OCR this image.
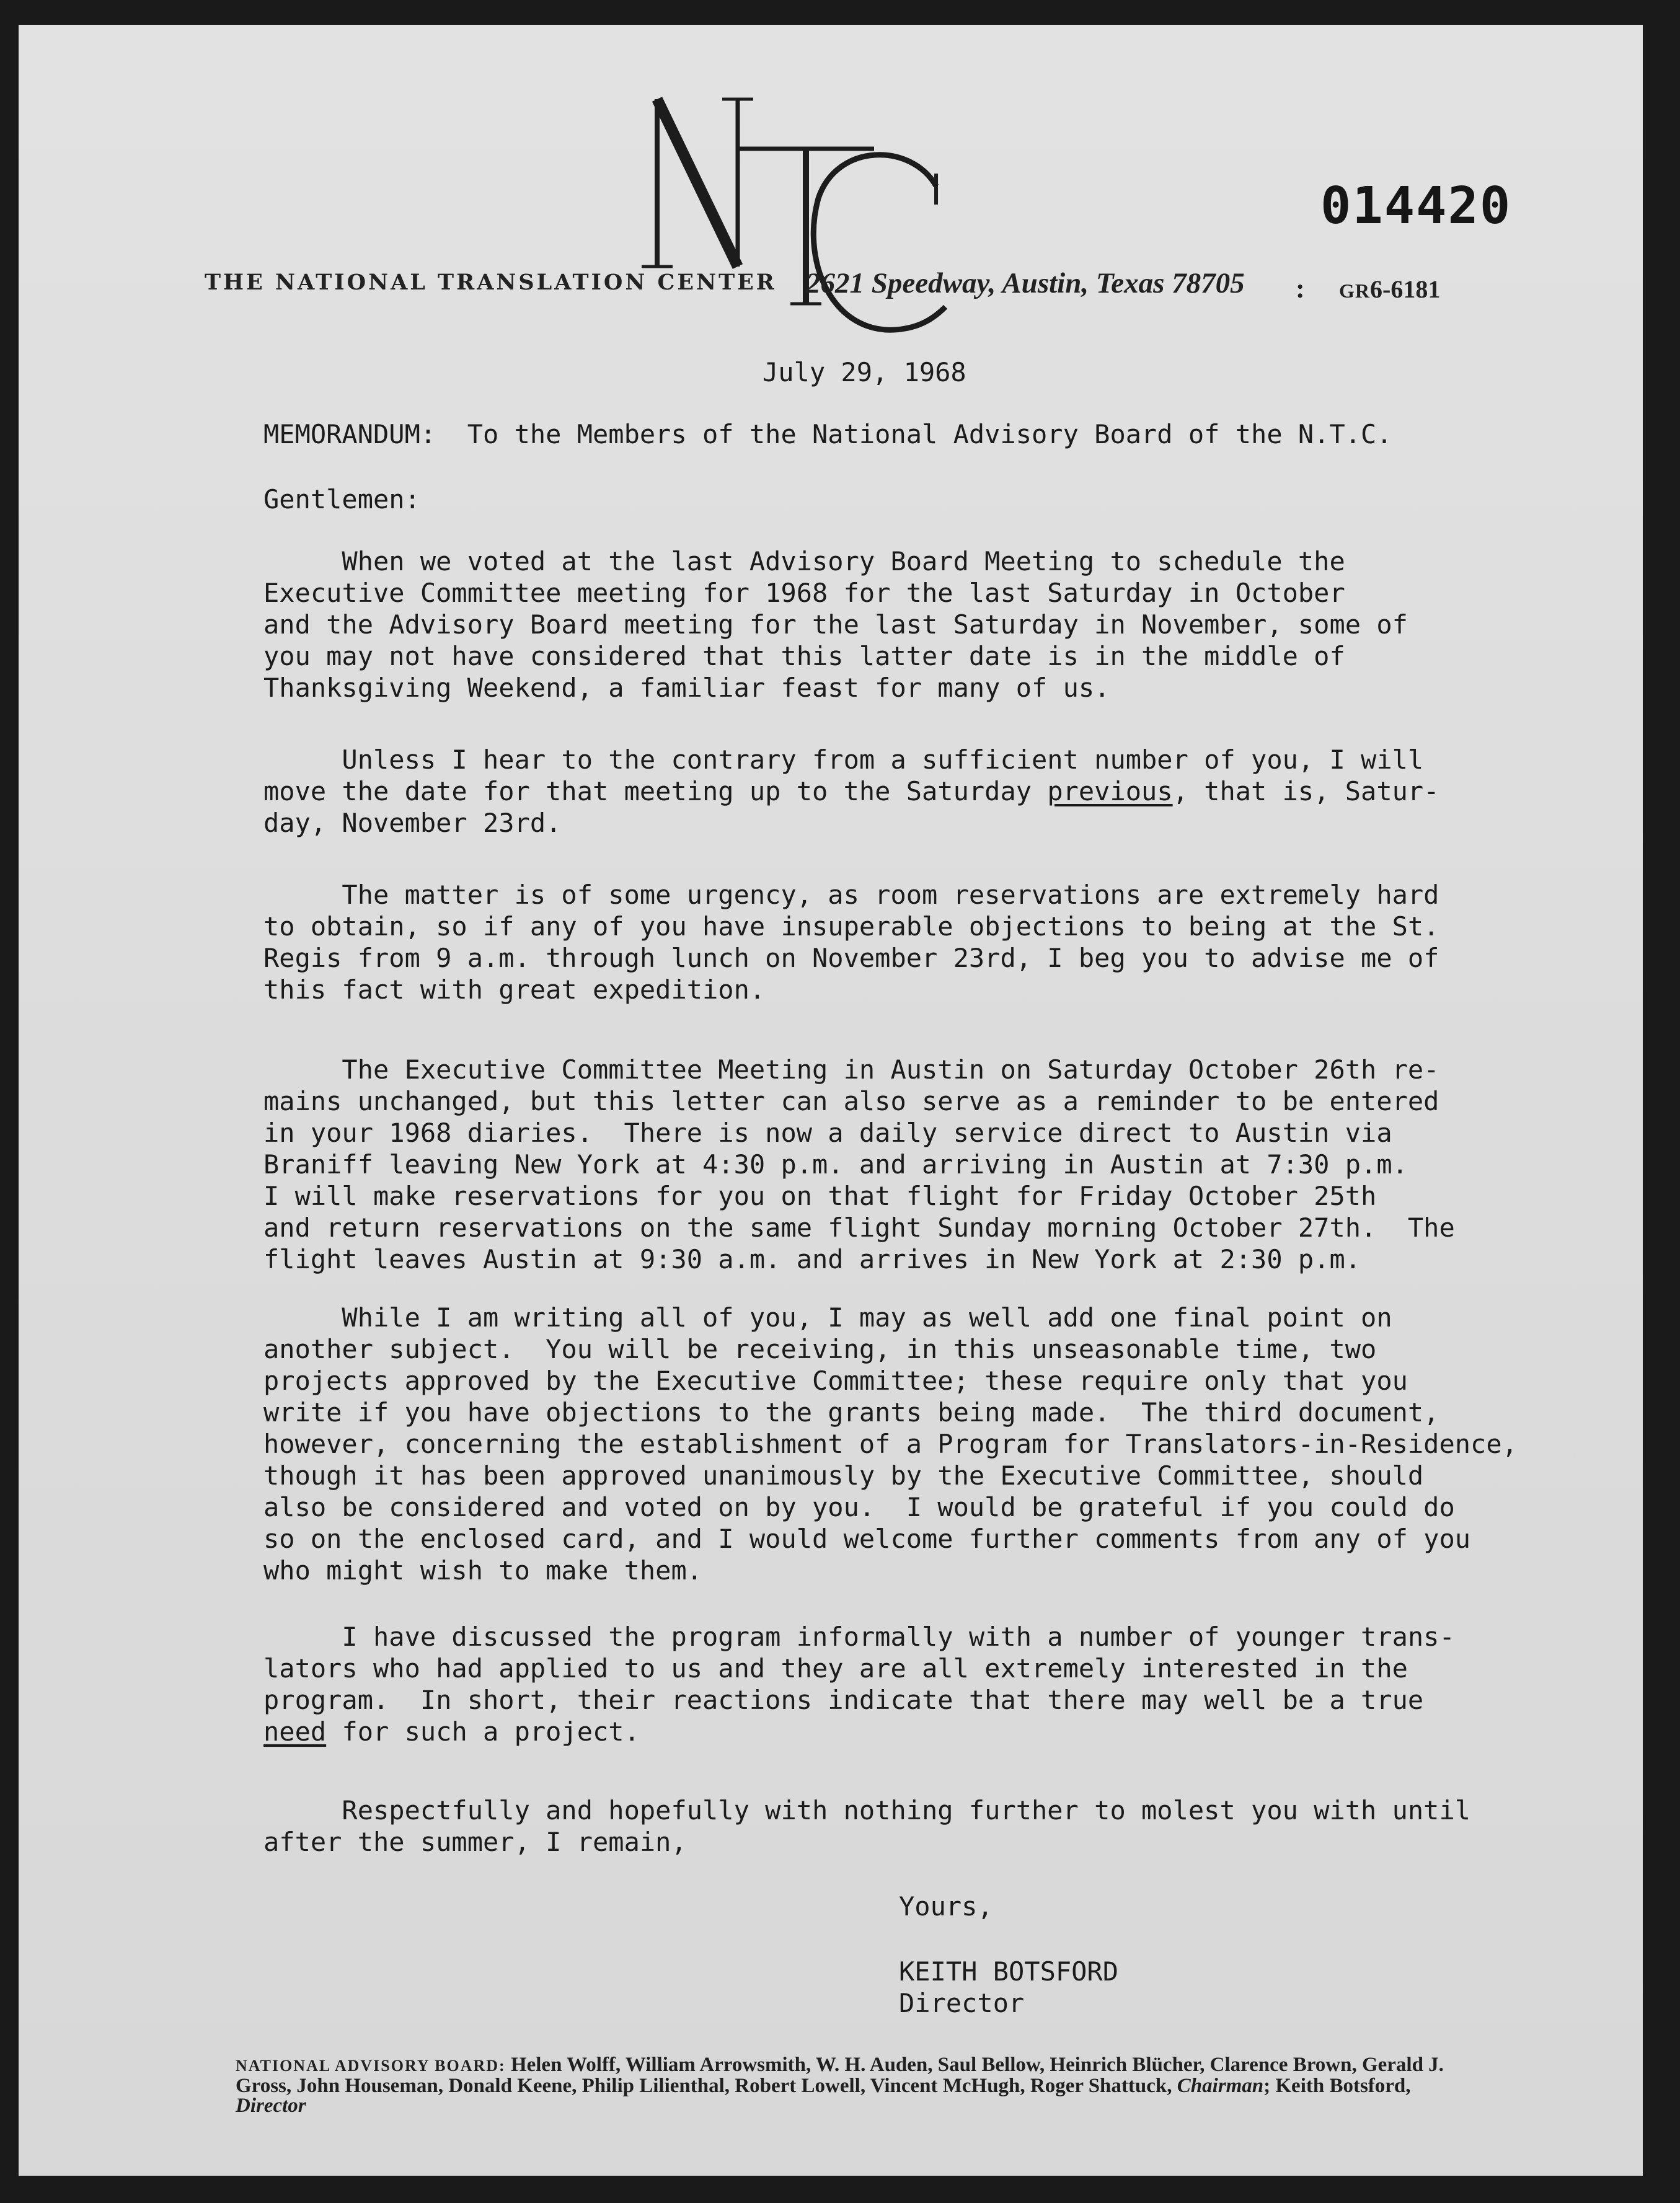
014420
THE NATIONAL TRANSLATION CENTER 2621 Speedway, Austin, Texas 78705 : GR6-6181
July 29, 1968
MEMORANDUM:  To the Members of the National Advisory Board of the N.T.C.
Gentlemen:
When we voted at the last Advisory Board Meeting to schedule the
Executive Committee meeting for 1968 for the last Saturday in October
and the Advisory Board meeting for the last Saturday in November, some of
you may not have considered that this latter date is in the middle of
Thanksgiving Weekend, a familiar feast for many of us.
Unless I hear to the contrary from a sufficient number of you, I will
move the date for that meeting up to the Saturday previous, that is, Satur-
day, November 23rd.
The matter is of some urgency, as room reservations are extremely hard
to obtain, so if any of you have insuperable objections to being at the St.
Regis from 9 a.m. through lunch on November 23rd, I beg you to advise me of
this fact with great expedition.
The Executive Committee Meeting in Austin on Saturday October 26th re-
mains unchanged, but this letter can also serve as a reminder to be entered
in your 1968 diaries.  There is now a daily service direct to Austin via
Braniff leaving New York at 4:30 p.m. and arriving in Austin at 7:30 p.m.
I will make reservations for you on that flight for Friday October 25th
and return reservations on the same flight Sunday morning October 27th.  The
flight leaves Austin at 9:30 a.m. and arrives in New York at 2:30 p.m.
While I am writing all of you, I may as well add one final point on
another subject.  You will be receiving, in this unseasonable time, two
projects approved by the Executive Committee; these require only that you
write if you have objections to the grants being made.  The third document,
however, concerning the establishment of a Program for Translators-in-Residence,
though it has been approved unanimously by the Executive Committee, should
also be considered and voted on by you.  I would be grateful if you could do
so on the enclosed card, and I would welcome further comments from any of you
who might wish to make them.
I have discussed the program informally with a number of younger trans-
lators who had applied to us and they are all extremely interested in the
program.  In short, their reactions indicate that there may well be a true
need for such a project.
Respectfully and hopefully with nothing further to molest you with until
after the summer, I remain,
Yours,
KEITH BOTSFORD
Director
NATIONAL ADVISORY BOARD: Helen Wolff, William Arrowsmith, W. H. Auden, Saul Bellow, Heinrich Blücher, Clarence Brown, Gerald J. Gross, John Houseman, Donald Keene, Philip Lilienthal, Robert Lowell, Vincent McHugh, Roger Shattuck, Chairman; Keith Botsford, Director
